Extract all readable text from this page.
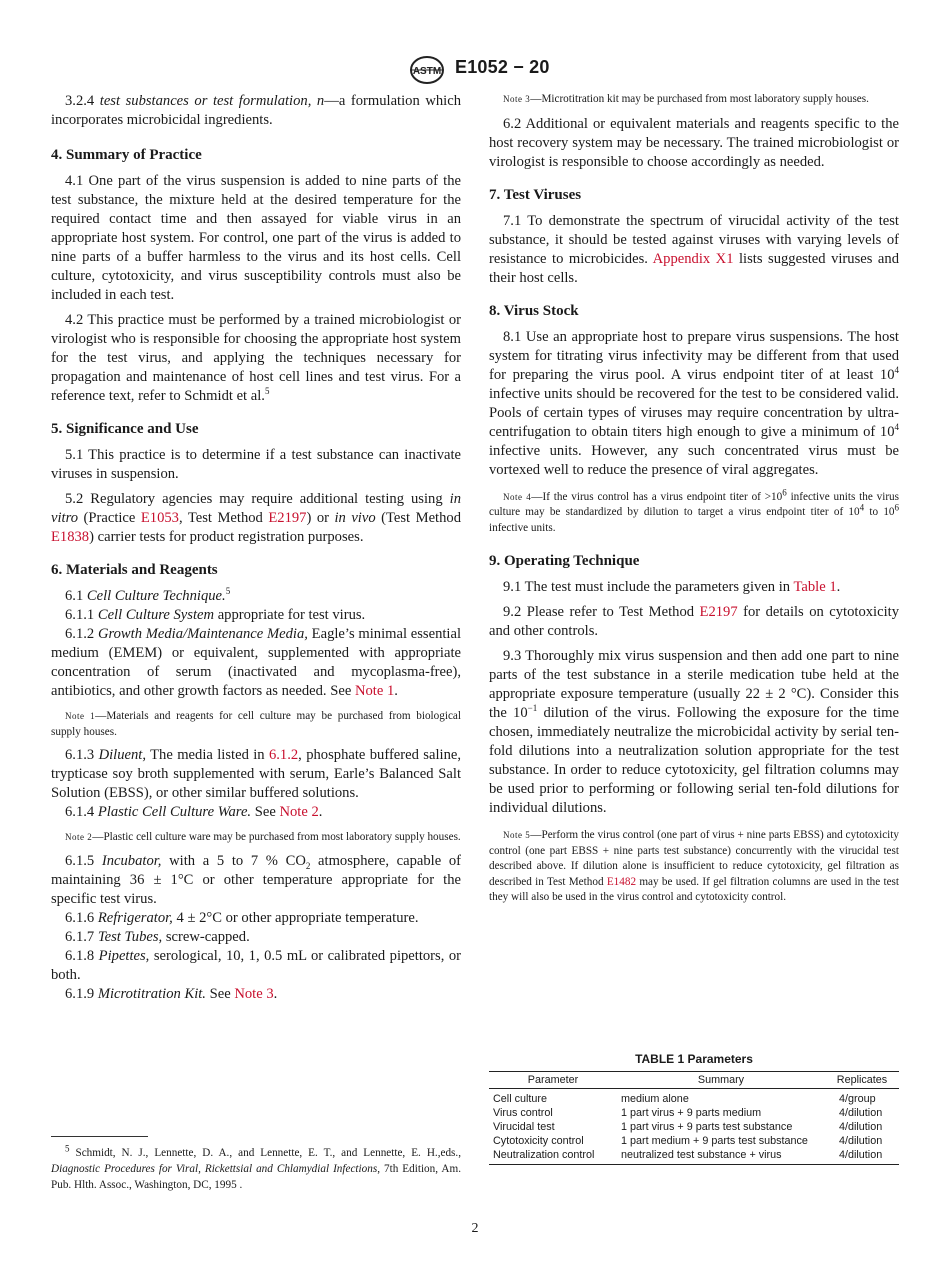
ASTM E1052 − 20

3.2.4 test substances or test formulation, n—a formulation which incorporates microbicidal ingredients.

4. Summary of Practice

4.1 One part of the virus suspension is added to nine parts of the test substance, the mixture held at the desired temperature for the required contact time and then assayed for viable virus in an appropriate host system. For control, one part of the virus is added to nine parts of a buffer harmless to the virus and its host cells. Cell culture, cytotoxicity, and virus susceptibility controls must also be included in each test.

4.2 This practice must be performed by a trained microbiologist or virologist who is responsible for choosing the appropriate host system for the test virus, and applying the techniques necessary for propagation and maintenance of host cell lines and test virus. For a reference text, refer to Schmidt et al.$^5$

5. Significance and Use

5.1 This practice is to determine if a test substance can inactivate viruses in suspension.

5.2 Regulatory agencies may require additional testing using in vitro (Practice E1053, Test Method E2197) or in vivo (Test Method E1838) carrier tests for product registration purposes.

6. Materials and Reagents

6.1 Cell Culture Technique.$^5$

6.1.1 Cell Culture System appropriate for test virus.

6.1.2 Growth Media/Maintenance Media, Eagle’s minimal essential medium (EMEM) or equivalent, supplemented with appropriate concentration of serum (inactivated and mycoplasma-free), antibiotics, and other growth factors as needed. See Note 1.

Note 1—Materials and reagents for cell culture may be purchased from biological supply houses.

6.1.3 Diluent, The media listed in 6.1.2, phosphate buffered saline, trypticase soy broth supplemented with serum, Earle’s Balanced Salt Solution (EBSS), or other similar buffered solutions.

6.1.4 Plastic Cell Culture Ware. See Note 2.

Note 2—Plastic cell culture ware may be purchased from most laboratory supply houses.

6.1.5 Incubator, with a 5 to 7 % $CO_2$ atmosphere, capable of maintaining 36 ± 1°C or other temperature appropriate for the specific test virus.

6.1.6 Refrigerator, 4 ± 2°C or other appropriate temperature.

6.1.7 Test Tubes, screw-capped.

6.1.8 Pipettes, serological, 10, 1, 0.5 mL or calibrated pipettors, or both.

6.1.9 Microtitration Kit. See Note 3.

$^5$ Schmidt, N. J., Lennette, D. A., and Lennette, E. T., and Lennette, E. H.,eds., Diagnostic Procedures for Viral, Rickettsial and Chlamydial Infections, 7th Edition, Am. Pub. Hlth. Assoc., Washington, DC, 1995 .

Note 3—Microtitration kit may be purchased from most laboratory supply houses.

6.2 Additional or equivalent materials and reagents specific to the host recovery system may be necessary. The trained microbiologist or virologist is responsible to choose accordingly as needed.

7. Test Viruses

7.1 To demonstrate the spectrum of virucidal activity of the test substance, it should be tested against viruses with varying levels of resistance to microbicides. Appendix X1 lists suggested viruses and their host cells.

8. Virus Stock

8.1 Use an appropriate host to prepare virus suspensions. The host system for titrating virus infectivity may be different from that used for preparing the virus pool. A virus endpoint titer of at least $10^4$ infective units should be recovered for the test to be considered valid. Pools of certain types of viruses may require concentration by ultra-centrifugation to obtain titers high enough to give a minimum of $10^4$ infective units. However, any such concentrated virus must be vortexed well to reduce the presence of viral aggregates.

Note 4—If the virus control has a virus endpoint titer of $>10^6$ infective units the virus culture may be standardized by dilution to target a virus endpoint titer of $10^4$ to $10^6$ infective units.

9. Operating Technique

9.1 The test must include the parameters given in Table 1.

9.2 Please refer to Test Method E2197 for details on cytotoxicity and other controls.

9.3 Thoroughly mix virus suspension and then add one part to nine parts of the test substance in a sterile medication tube held at the appropriate exposure temperature (usually 22 ± 2 °C). Consider this the $10^{-1}$ dilution of the virus. Following the exposure for the time chosen, immediately neutralize the microbicidal activity by serial ten-fold dilutions into a neutralization solution appropriate for the test substance. In order to reduce cytotoxicity, gel filtration columns may be used prior to performing or following serial ten-fold dilutions for individual dilutions.

Note 5—Perform the virus control (one part of virus + nine parts EBSS) and cytotoxicity control (one part EBSS + nine parts test substance) concurrently with the virucidal test described above. If dilution alone is insufficient to reduce cytotoxicity, gel filtration as described in Test Method E1482 may be used. If gel filtration columns are used in the test they will also be used in the virus control and cytotoxicity control.

TABLE 1 Parameters
Parameter	Summary	Replicates
Cell culture	medium alone	4/group
Virus control	1 part virus + 9 parts medium	4/dilution
Virucidal test	1 part virus + 9 parts test substance	4/dilution
Cytotoxicity control	1 part medium + 9 parts test substance	4/dilution
Neutralization control	neutralized test substance + virus	4/dilution
2
